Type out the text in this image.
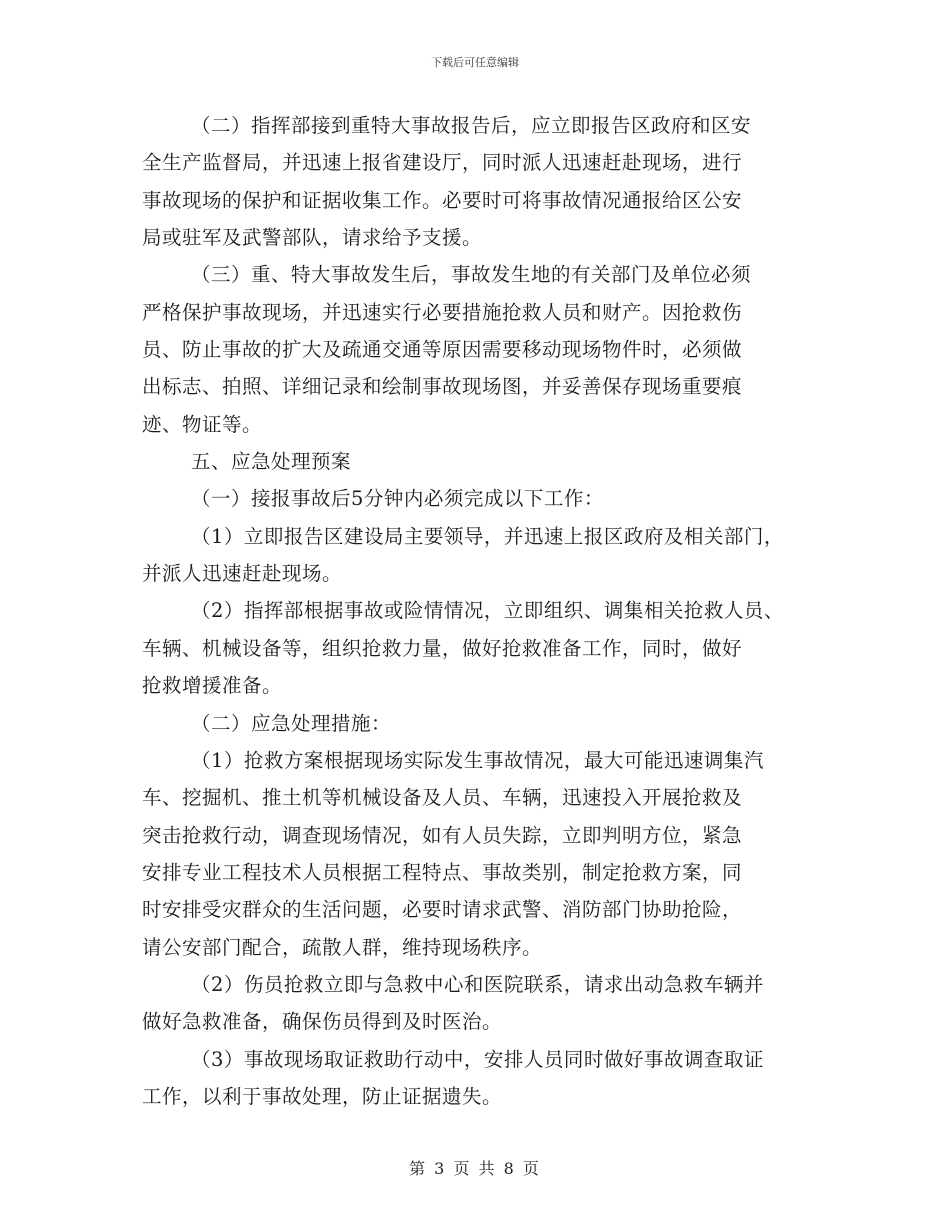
下载后可任意编辑
（二）指挥部接到重特大事故报告后，应立即报告区政府和区安
全生产监督局，并迅速上报省建设厅，同时派人迅速赶赴现场，进行
事故现场的保护和证据收集工作。必要时可将事故情况通报给区公安
局或驻军及武警部队，请求给予支援。
（三）重、特大事故发生后，事故发生地的有关部门及单位必须
严格保护事故现场，并迅速实行必要措施抢救人员和财产。因抢救伤
员、防止事故的扩大及疏通交通等原因需要移动现场物件时，必须做
出标志、拍照、详细记录和绘制事故现场图，并妥善保存现场重要痕
迹、物证等。
五、应急处理预案
（一）接报事故后5分钟内必须完成以下工作：
（1）立即报告区建设局主要领导，并迅速上报区政府及相关部门，
并派人迅速赶赴现场。
（2）指挥部根据事故或险情情况，立即组织、调集相关抢救人员、
车辆、机械设备等，组织抢救力量，做好抢救准备工作，同时，做好
抢救增援准备。
（二）应急处理措施：
（1）抢救方案根据现场实际发生事故情况，最大可能迅速调集汽
车、挖掘机、推土机等机械设备及人员、车辆，迅速投入开展抢救及
突击抢救行动，调查现场情况，如有人员失踪，立即判明方位，紧急
安排专业工程技术人员根据工程特点、事故类别，制定抢救方案，同
时安排受灾群众的生活问题，必要时请求武警、消防部门协助抢险，
请公安部门配合，疏散人群，维持现场秩序。
（2）伤员抢救立即与急救中心和医院联系，请求出动急救车辆并
做好急救准备，确保伤员得到及时医治。
（3）事故现场取证救助行动中，安排人员同时做好事故调查取证
工作，以利于事故处理，防止证据遗失。
第 3 页 共 8 页
